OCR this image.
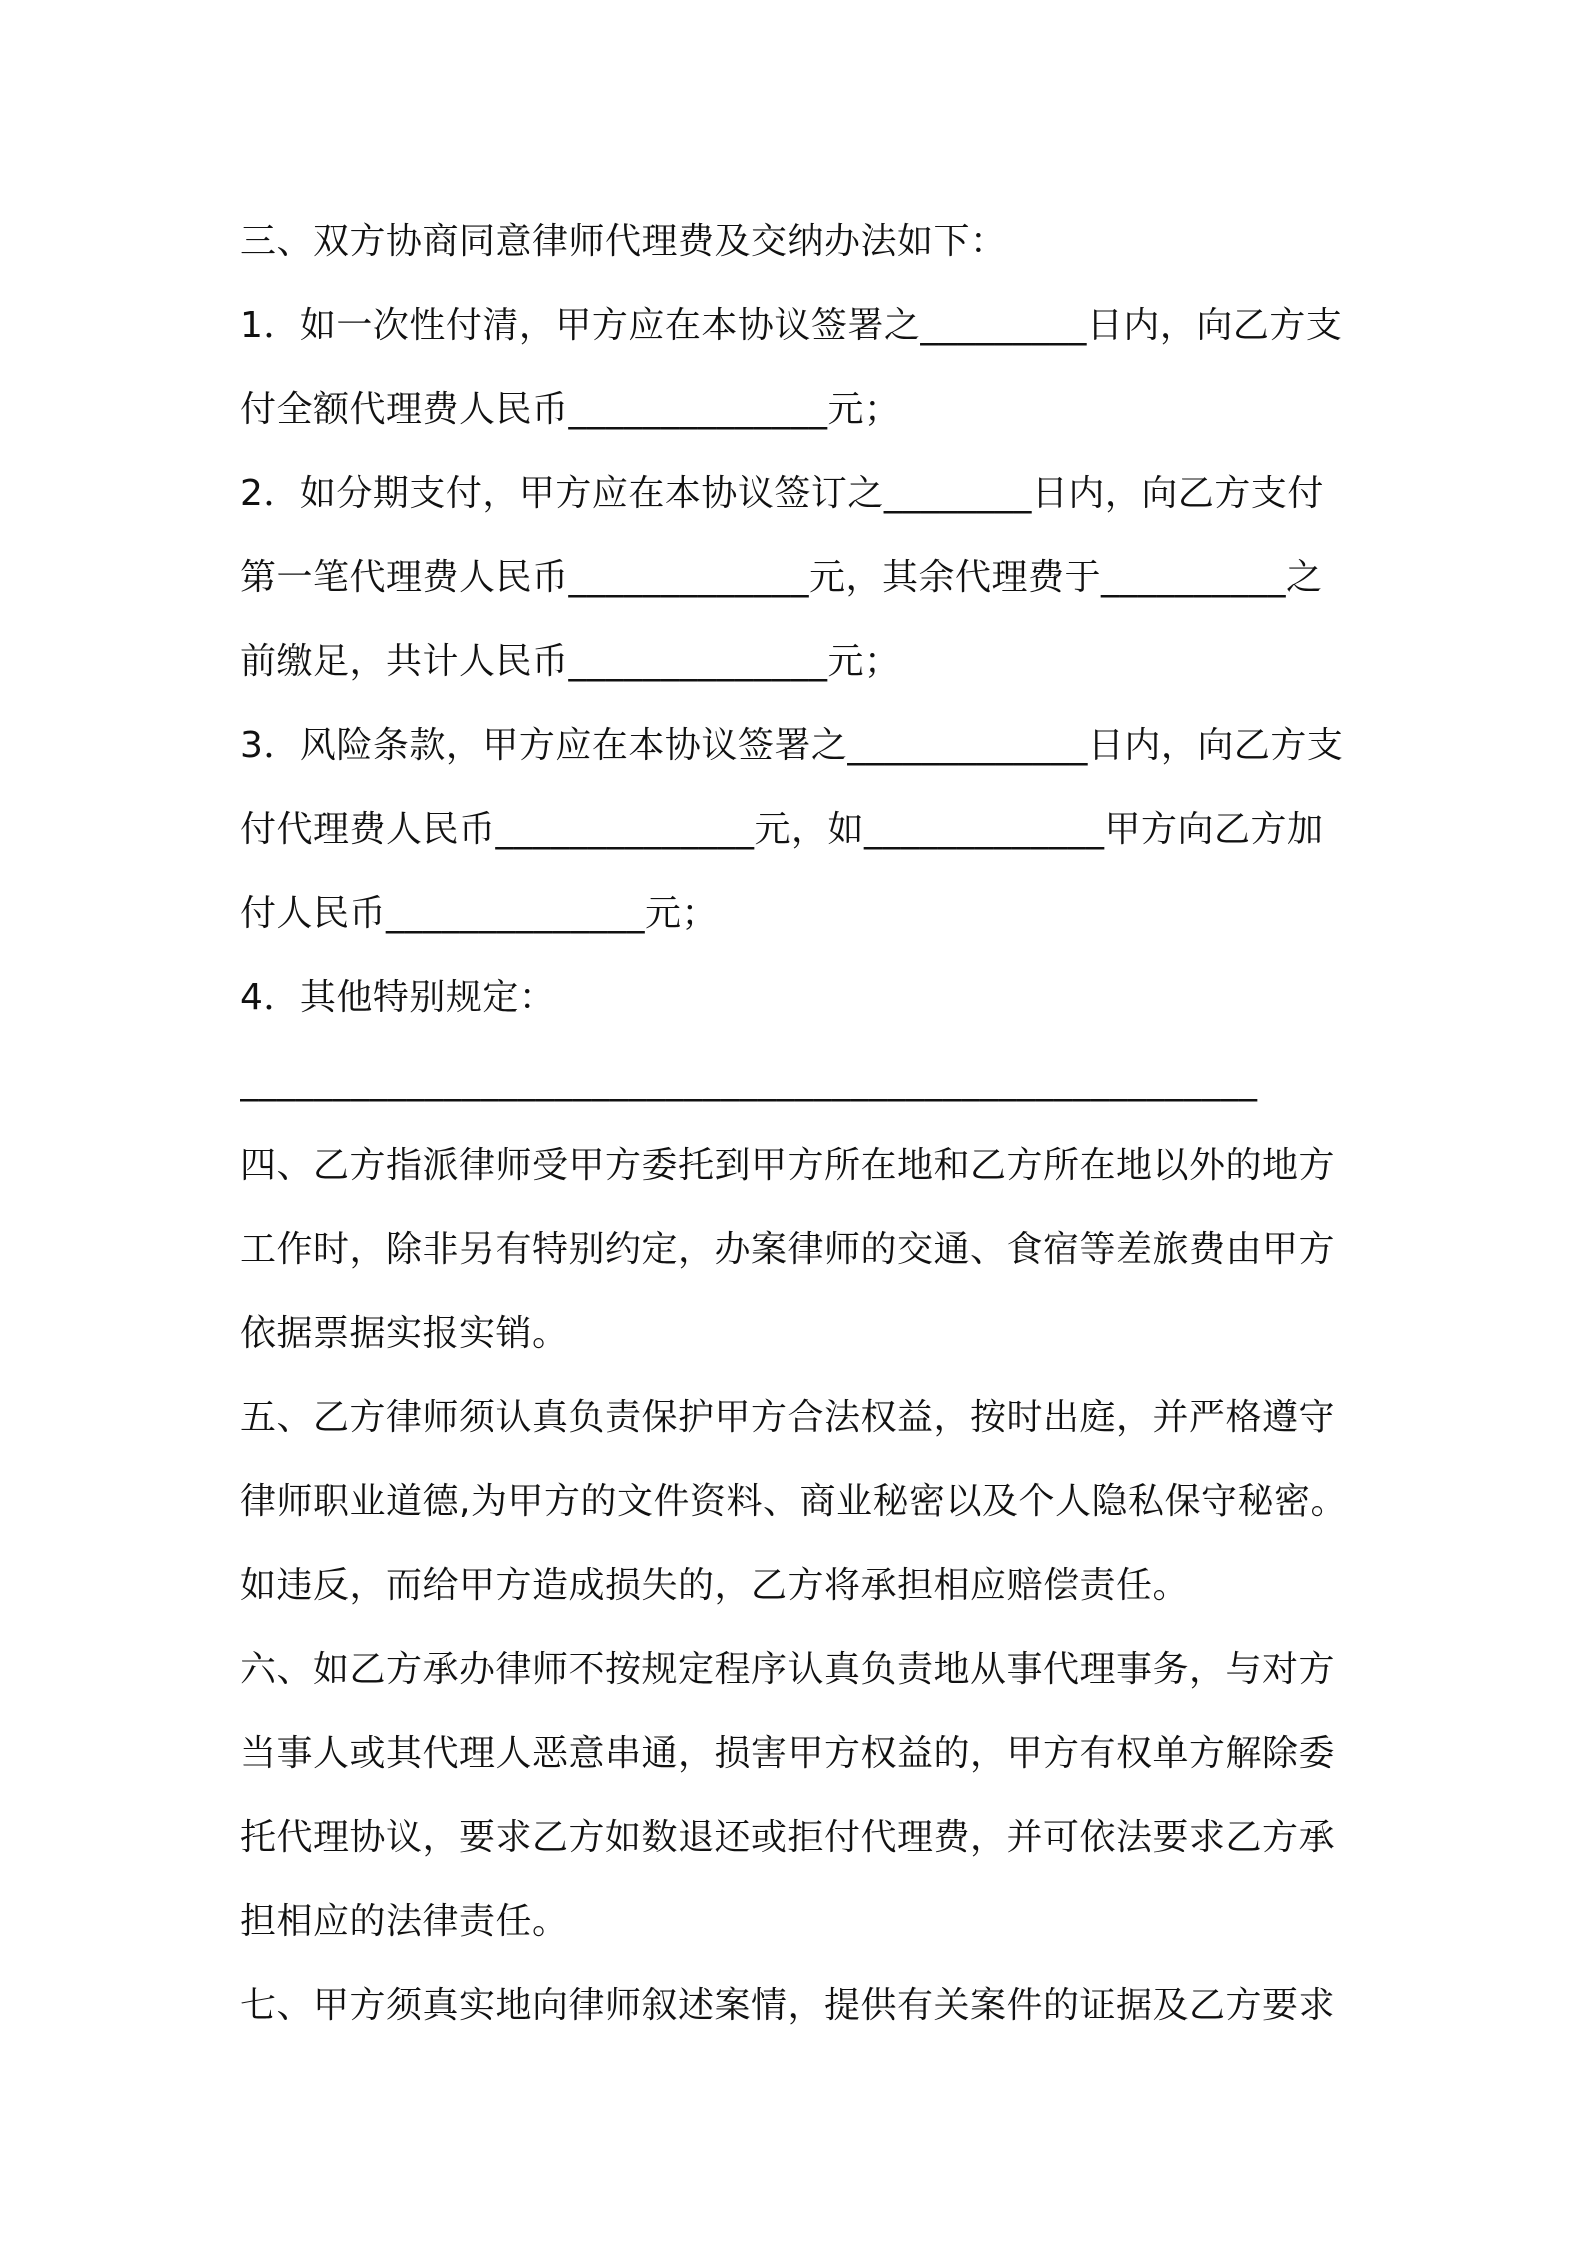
三、双方协商同意律师代理费及交纳办法如下：
1．如一次性付清，甲方应在本协议签署之_________日内，向乙方支
付全额代理费人民币______________元；
2．如分期支付，甲方应在本协议签订之________日内，向乙方支付
第一笔代理费人民币_____________元，其余代理费于__________之
前缴足，共计人民币______________元；
3．风险条款，甲方应在本协议签署之_____________日内，向乙方支
付代理费人民币______________元，如_____________甲方向乙方加
付人民币______________元；
4．其他特别规定：
_______________________________________________________
四、乙方指派律师受甲方委托到甲方所在地和乙方所在地以外的地方
工作时，除非另有特别约定，办案律师的交通、食宿等差旅费由甲方
依据票据实报实销。
五、乙方律师须认真负责保护甲方合法权益，按时出庭，并严格遵守
律师职业道德,为甲方的文件资料、商业秘密以及个人隐私保守秘密。
如违反，而给甲方造成损失的，乙方将承担相应赔偿责任。
六、如乙方承办律师不按规定程序认真负责地从事代理事务，与对方
当事人或其代理人恶意串通，损害甲方权益的，甲方有权单方解除委
托代理协议，要求乙方如数退还或拒付代理费，并可依法要求乙方承
担相应的法律责任。
七、甲方须真实地向律师叙述案情，提供有关案件的证据及乙方要求
